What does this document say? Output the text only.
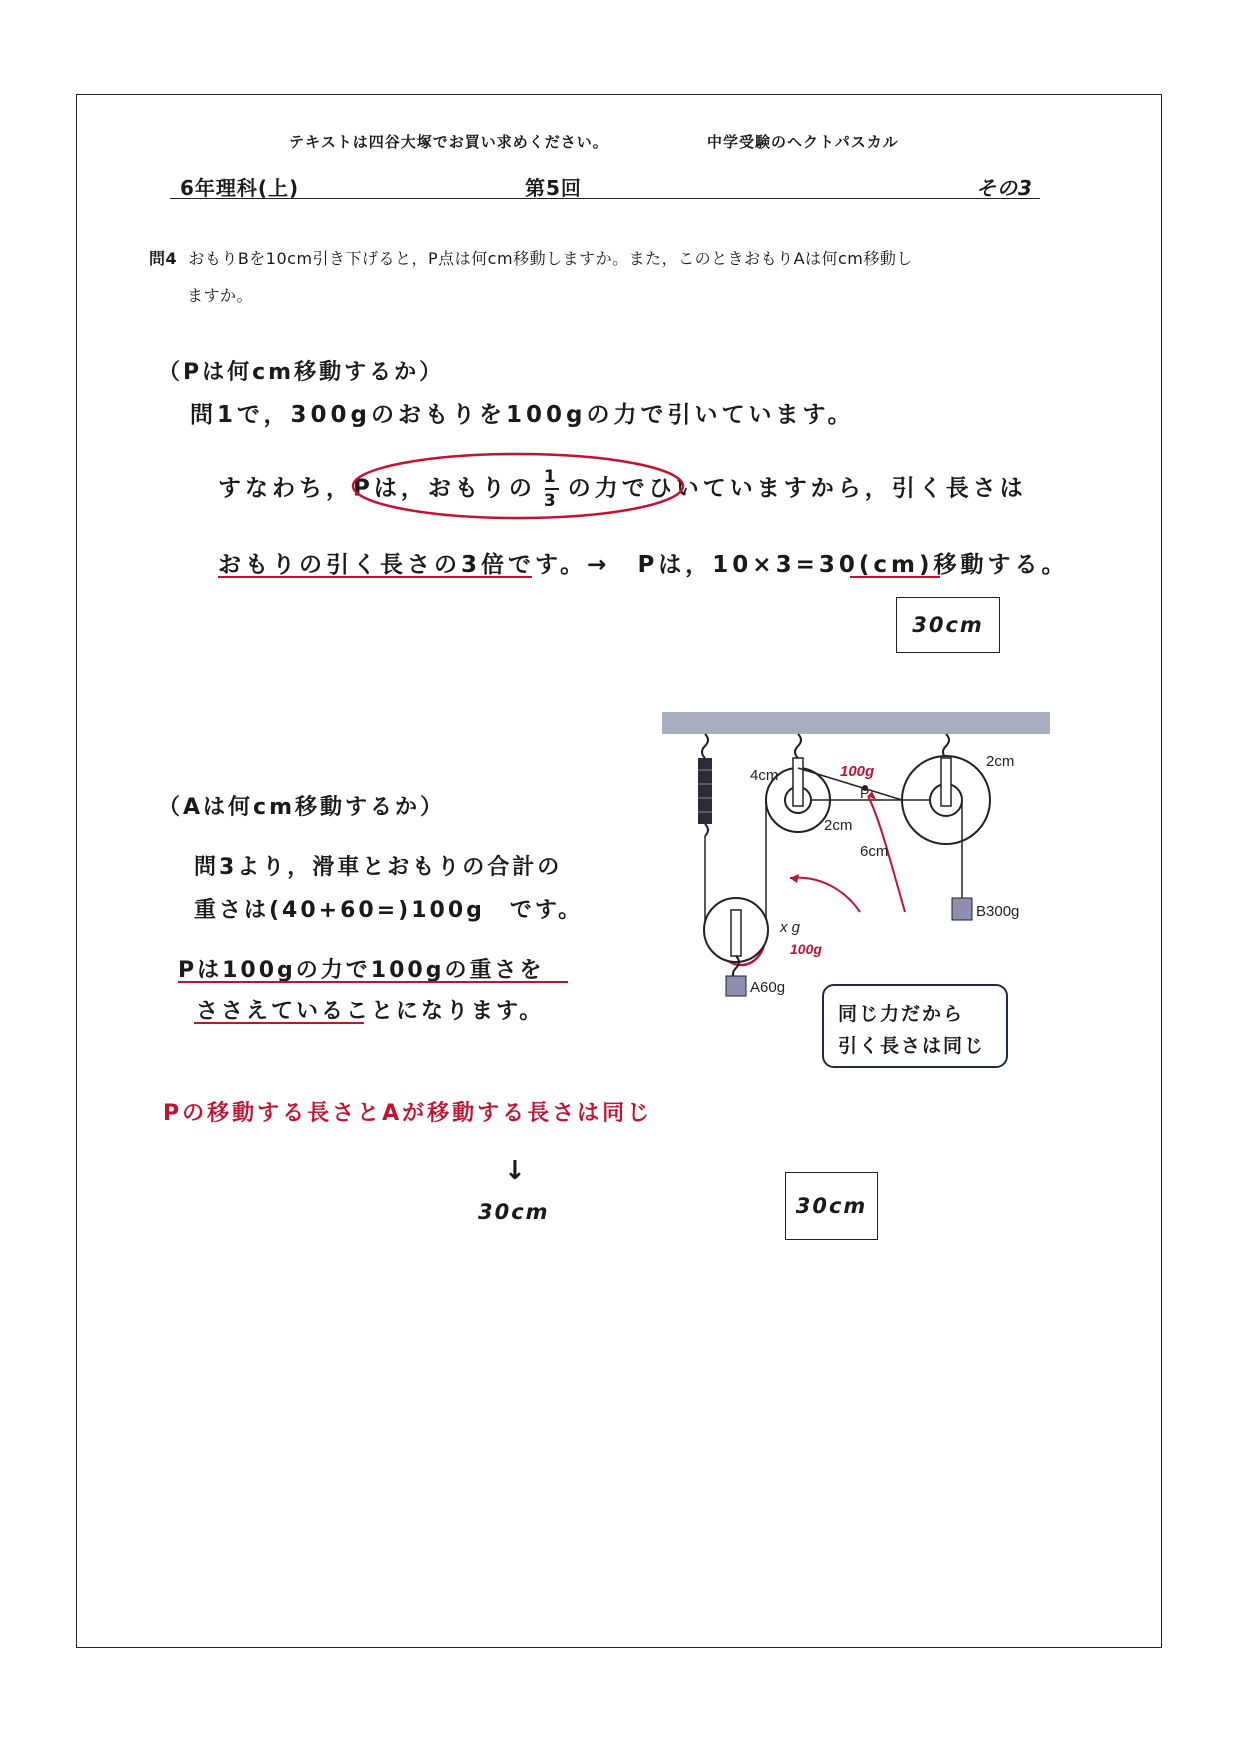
テキストは四谷大塚でお買い求めください。	中学受験のヘクトパスカル
6年理科(上)	第5回	その3
問4 おもりBを10cm引き下げると，P点は何cm移動しますか。また，このときおもりAは何cm移動し
ますか。
（Pは何cm移動するか）
問1で，300gのおもりを100gの力で引いています。
すなわち，Pは，おもりの $\frac{1}{3}$ の力でひいていますから，引く長さは
おもりの引く長さの3倍です。→　Pは，10×3=30(cm)移動する。
30cm
（Aは何cm移動するか）
問3より，滑車とおもりの合計の
重さは(40+60=)100g　です。
Pは100gの力で100gの重さを
ささえていることになります。
Pの移動する長さとAが移動する長さは同じ
↓
30cm	30cm
4cm	100g
P
2cm
6cm
2cm
B300g
x g
100g
A60g
同じ力だから
引く長さは同じ
